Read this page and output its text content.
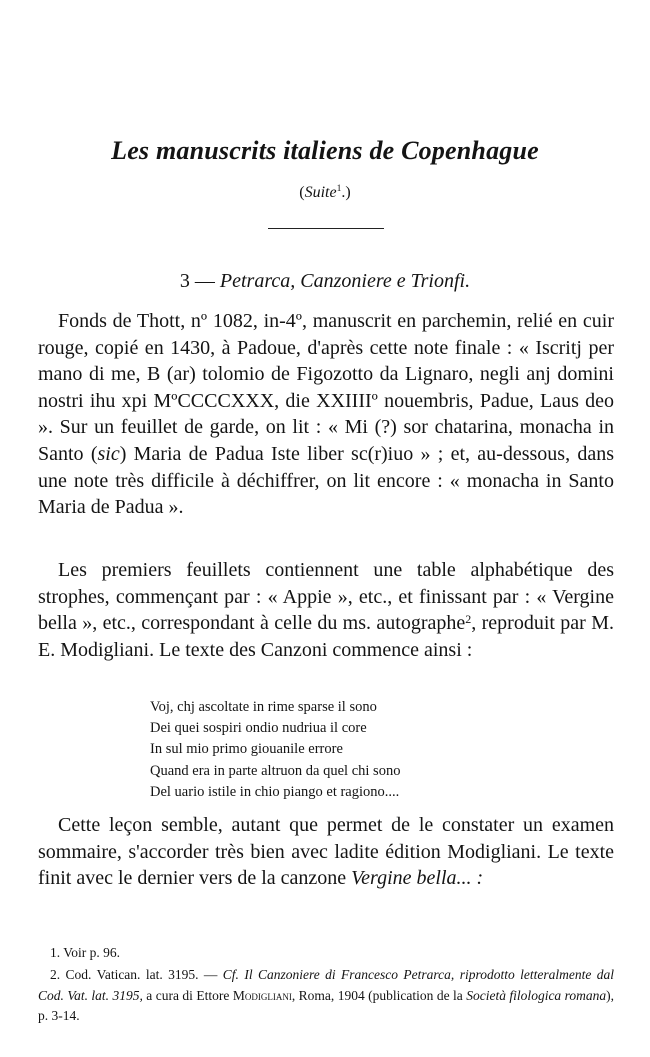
Les manuscrits italiens de Copenhague
(Suite$^1$.)
3 — Petrarca, Canzoniere e Trionfi.
Fonds de Thott, nº 1082, in-4º, manuscrit en parchemin, relié en cuir rouge, copié en 1430, à Padoue, d'après cette note finale : « Iscritj per mano di me, B (ar) tolomio de Figozotto da Lignaro, negli anj domini nostri ihu xpi MºCCCCXXX, die XXIIIIº nouembris, Padue, Laus deo ». Sur un feuillet de garde, on lit : « Mi (?) sor chatarina, monacha in Santo (sic) Maria de Padua Iste liber sc(r)iuo » ; et, au-dessous, dans une note très difficile à déchiffrer, on lit encore : « monacha in Santo Maria de Padua ».
Les premiers feuillets contiennent une table alphabétique des strophes, commençant par : « Appie », etc., et finissant par : « Vergine bella », etc., correspondant à celle du ms. autographe$^2$, reproduit par M. E. Modigliani. Le texte des Canzoni commence ainsi :
Voj, chj ascoltate in rime sparse il sono
Dei quei sospiri ondio nudriua il core
In sul mio primo giouanile errore
Quand era in parte altruon da quel chi sono
Del uario istile in chio piango et ragiono....
Cette leçon semble, autant que permet de le constater un examen sommaire, s'accorder très bien avec ladite édition Modigliani. Le texte finit avec le dernier vers de la canzone Vergine bella... :
1. Voir p. 96.
2. Cod. Vatican. lat. 3195. — Cf. Il Canzoniere di Francesco Petrarca, riprodotto letteralmente dal Cod. Vat. lat. 3195, a cura di Ettore Modigliani, Roma, 1904 (publication de la Società filologica romana), p. 3-14.
